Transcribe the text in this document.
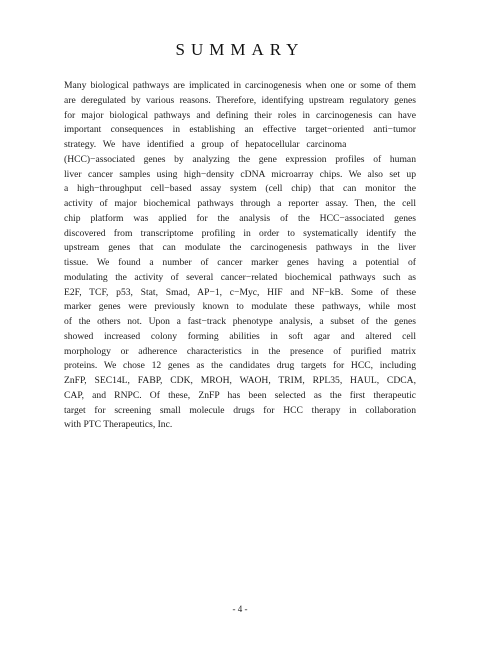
SUMMARY
Many biological pathways are implicated in carcinogenesis when one or some of them
are deregulated by various reasons. Therefore, identifying upstream regulatory genes
for major biological pathways and defining their roles in carcinogenesis can have
important consequences in establishing an effective target−oriented anti−tumor
strategy. We have identified a group of hepatocellular carcinoma
(HCC)−associated genes by analyzing the gene expression profiles of human
liver cancer samples using high−density cDNA microarray chips. We also set up
a high−throughput cell−based assay system (cell chip) that can monitor the
activity of major biochemical pathways through a reporter assay. Then, the cell
chip platform was applied for the analysis of the HCC−associated genes
discovered from transcriptome profiling in order to systematically identify the
upstream genes that can modulate the carcinogenesis pathways in the liver
tissue. We found a number of cancer marker genes having a potential of
modulating the activity of several cancer−related biochemical pathways such as
E2F, TCF, p53, Stat, Smad, AP−1, c−Myc, HIF and NF−kB. Some of these
marker genes were previously known to modulate these pathways, while most
of the others not. Upon a fast−track phenotype analysis, a subset of the genes
showed increased colony forming abilities in soft agar and altered cell
morphology or adherence characteristics in the presence of purified matrix
proteins. We chose 12 genes as the candidates drug targets for HCC, including
ZnFP, SEC14L, FABP, CDK, MROH, WAOH, TRIM, RPL35, HAUL, CDCA,
CAP, and RNPC. Of these, ZnFP has been selected as the first therapeutic
target for screening small molecule drugs for HCC therapy in collaboration
with PTC Therapeutics, Inc.
- 4 -
